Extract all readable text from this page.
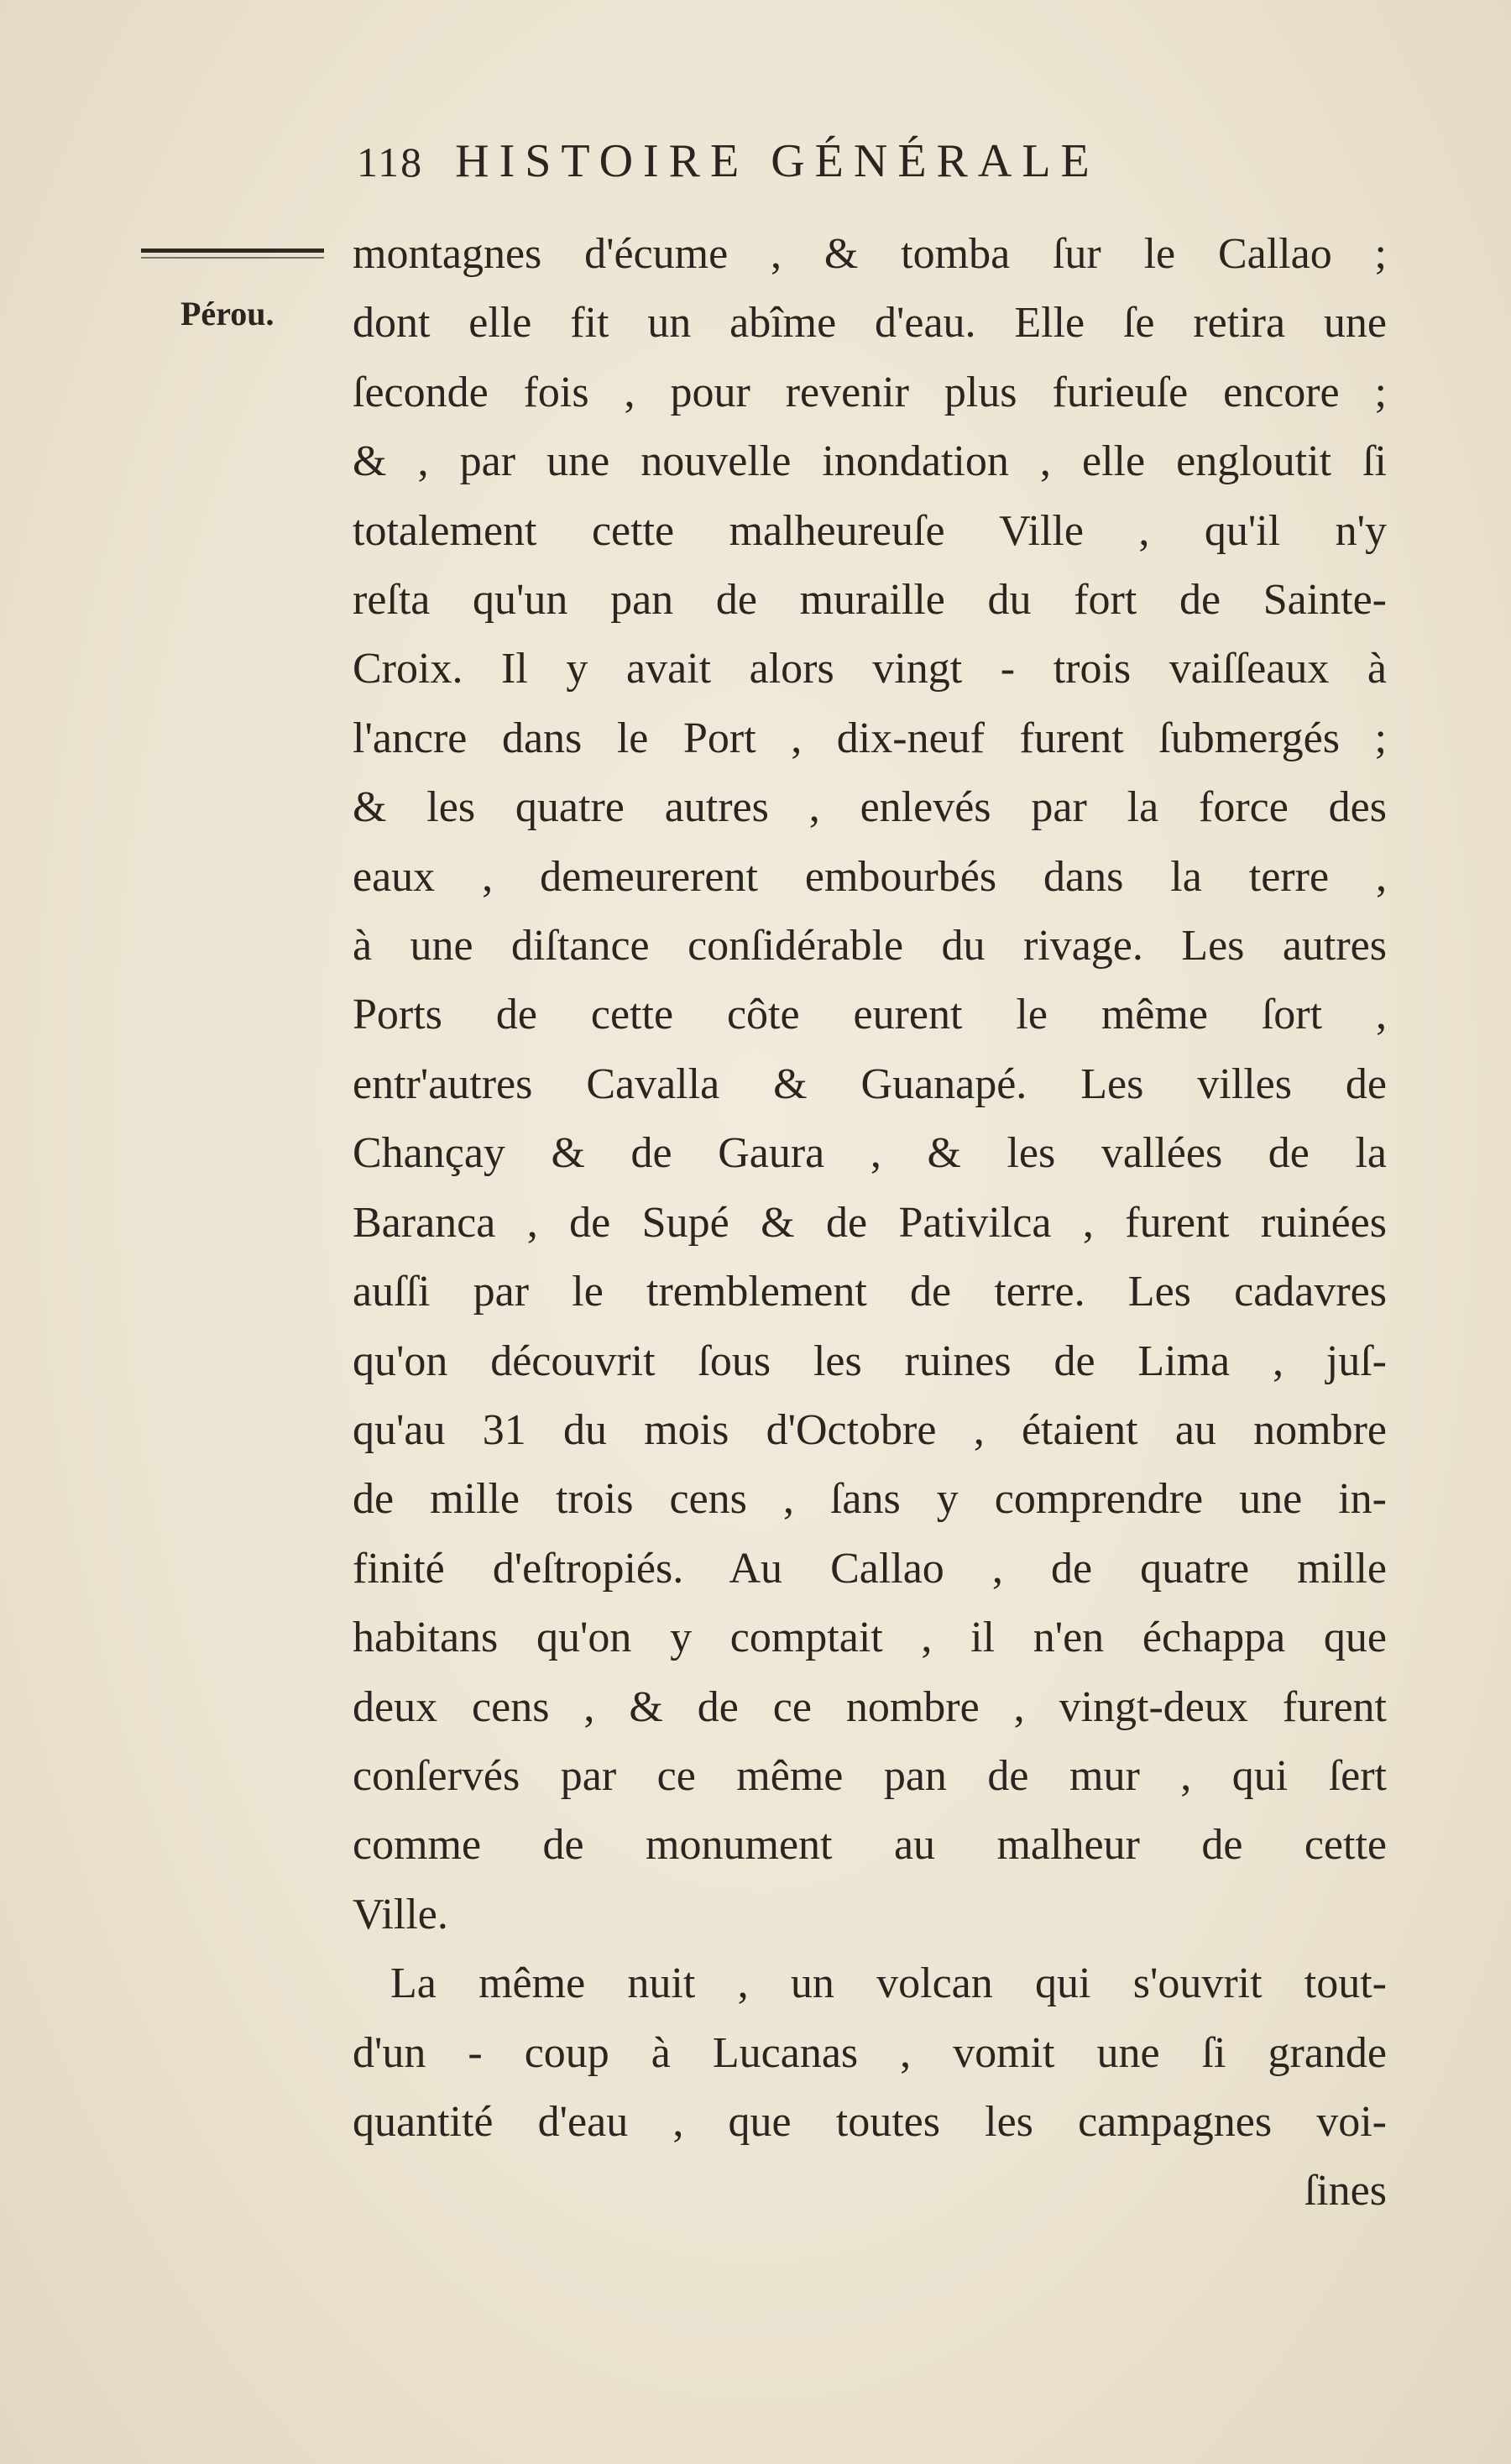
118 HISTOIRE GÉNÉRALE
Pérou.
montagnes d'écume , & tomba ſur le Callao ;
dont elle fit un abîme d'eau. Elle ſe retira une
ſeconde fois , pour revenir plus furieuſe encore ;
& , par une nouvelle inondation , elle engloutit ſi
totalement cette malheureuſe Ville , qu'il n'y
reſta qu'un pan de muraille du fort de Sainte-
Croix. Il y avait alors vingt - trois vaiſſeaux à
l'ancre dans le Port , dix-neuf furent ſubmergés ;
& les quatre autres , enlevés par la force des
eaux , demeurerent embourbés dans la terre ,
à une diſtance conſidérable du rivage. Les autres
Ports de cette côte eurent le même ſort ,
entr'autres Cavalla & Guanapé. Les villes de
Chançay & de Gaura , & les vallées de la
Baranca , de Supé & de Pativilca , furent ruinées
auſſi par le tremblement de terre. Les cadavres
qu'on découvrit ſous les ruines de Lima , juſ-
qu'au 31 du mois d'Octobre , étaient au nombre
de mille trois cens , ſans y comprendre une in-
finité d'eſtropiés. Au Callao , de quatre mille
habitans qu'on y comptait , il n'en échappa que
deux cens , & de ce nombre , vingt-deux furent
conſervés par ce même pan de mur , qui ſert
comme de monument au malheur de cette
Ville.
La même nuit , un volcan qui s'ouvrit tout-
d'un - coup à Lucanas , vomit une ſi grande
quantité d'eau , que toutes les campagnes voi-
ſines
